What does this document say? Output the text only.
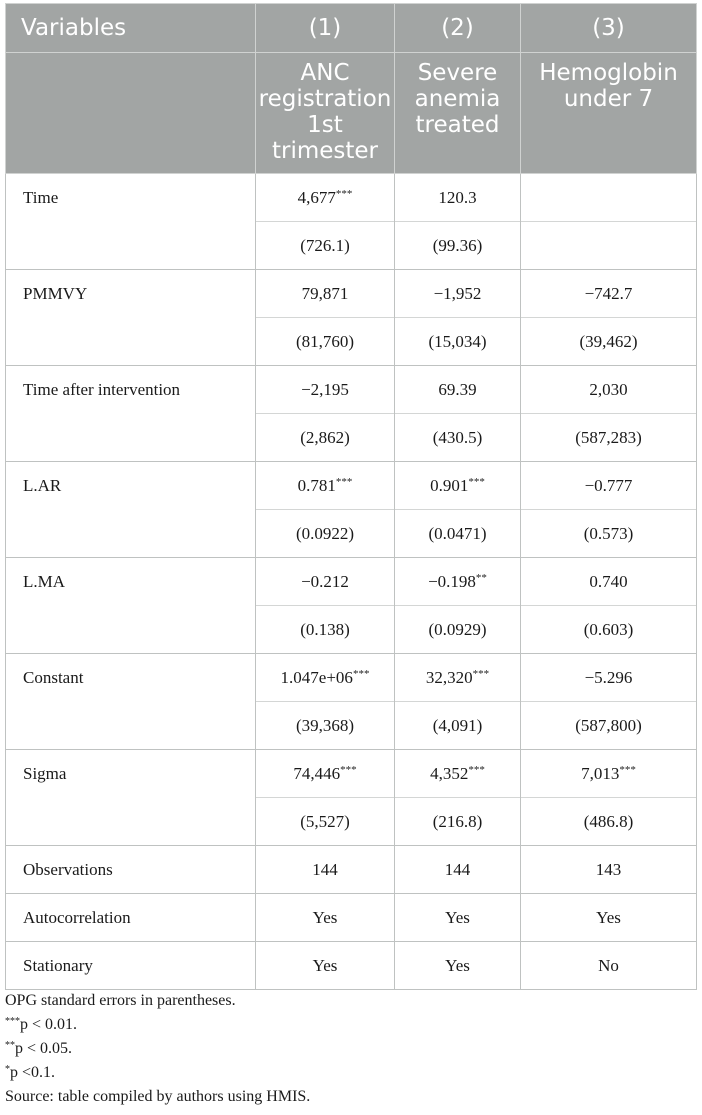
Variables	(1)	(2)	(3)
	ANC registration 1st trimester	Severe anemia treated	Hemoglobin under 7
Time	4,677***	120.3	
	(726.1)	(99.36)	
PMMVY	79,871	−1,952	−742.7
	(81,760)	(15,034)	(39,462)
Time after intervention	−2,195	69.39	2,030
	(2,862)	(430.5)	(587,283)
L.AR	0.781***	0.901***	−0.777
	(0.0922)	(0.0471)	(0.573)
L.MA	−0.212	−0.198**	0.740
	(0.138)	(0.0929)	(0.603)
Constant	1.047e+06***	32,320***	−5.296
	(39,368)	(4,091)	(587,800)
Sigma	74,446***	4,352***	7,013***
	(5,527)	(216.8)	(486.8)
Observations	144	144	143
Autocorrelation	Yes	Yes	Yes
Stationary	Yes	Yes	No
OPG standard errors in parentheses.
***p < 0.01.
**p < 0.05.
*p <0.1.
Source: table compiled by authors using HMIS.
